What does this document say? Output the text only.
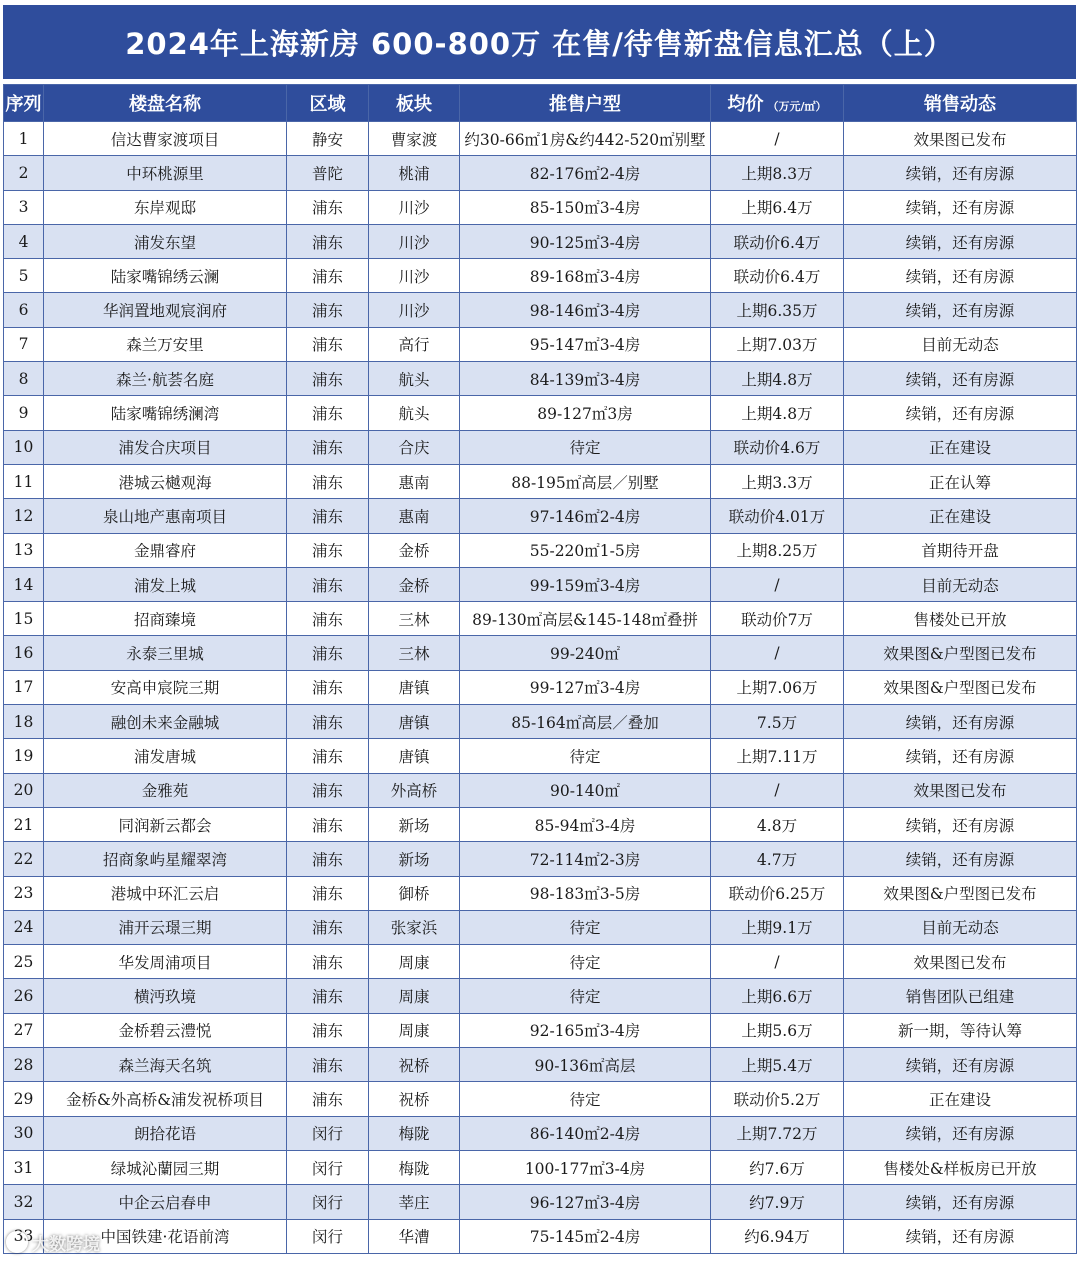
2024年上海新房 600-800万 在售/待售新盘信息汇总（上）
序列	楼盘名称	区域	板块	推售户型	均价 （万元/㎡）	销售动态
1	信达曹家渡项目	静安	曹家渡	约30-66㎡1房&约442-520㎡别墅	/	效果图已发布
2	中环桃源里	普陀	桃浦	82-176㎡2-4房	上期8.3万	续销，还有房源
3	东岸观邸	浦东	川沙	85-150㎡3-4房	上期6.4万	续销，还有房源
4	浦发东望	浦东	川沙	90-125㎡3-4房	联动价6.4万	续销，还有房源
5	陆家嘴锦绣云澜	浦东	川沙	89-168㎡3-4房	联动价6.4万	续销，还有房源
6	华润置地观宸润府	浦东	川沙	98-146㎡3-4房	上期6.35万	续销，还有房源
7	森兰万安里	浦东	高行	95-147㎡3-4房	上期7.03万	目前无动态
8	森兰·航荟名庭	浦东	航头	84-139㎡3-4房	上期4.8万	续销，还有房源
9	陆家嘴锦绣澜湾	浦东	航头	89-127㎡3房	上期4.8万	续销，还有房源
10	浦发合庆项目	浦东	合庆	待定	联动价4.6万	正在建设
11	港城云樾观海	浦东	惠南	88-195㎡高层／别墅	上期3.3万	正在认筹
12	泉山地产惠南项目	浦东	惠南	97-146㎡2-4房	联动价4.01万	正在建设
13	金鼎睿府	浦东	金桥	55-220㎡1-5房	上期8.25万	首期待开盘
14	浦发上城	浦东	金桥	99-159㎡3-4房	/	目前无动态
15	招商臻境	浦东	三林	89-130㎡高层&145-148㎡叠拼	联动价7万	售楼处已开放
16	永泰三里城	浦东	三林	99-240㎡	/	效果图&户型图已发布
17	安高申宸院三期	浦东	唐镇	99-127㎡3-4房	上期7.06万	效果图&户型图已发布
18	融创未来金融城	浦东	唐镇	85-164㎡高层／叠加	7.5万	续销，还有房源
19	浦发唐城	浦东	唐镇	待定	上期7.11万	续销，还有房源
20	金雅苑	浦东	外高桥	90-140㎡	/	效果图已发布
21	同润新云都会	浦东	新场	85-94㎡3-4房	4.8万	续销，还有房源
22	招商象屿星耀翠湾	浦东	新场	72-114㎡2-3房	4.7万	续销，还有房源
23	港城中环汇云启	浦东	御桥	98-183㎡3-5房	联动价6.25万	效果图&户型图已发布
24	浦开云璟三期	浦东	张家浜	待定	上期9.1万	目前无动态
25	华发周浦项目	浦东	周康	待定	/	效果图已发布
26	横沔玖境	浦东	周康	待定	上期6.6万	销售团队已组建
27	金桥碧云澧悦	浦东	周康	92-165㎡3-4房	上期5.6万	新一期，等待认筹
28	森兰海天名筑	浦东	祝桥	90-136㎡高层	上期5.4万	续销，还有房源
29	金桥&外高桥&浦发祝桥项目	浦东	祝桥	待定	联动价5.2万	正在建设
30	朗拾花语	闵行	梅陇	86-140㎡2-4房	上期7.72万	续销，还有房源
31	绿城沁蘭园三期	闵行	梅陇	100-177㎡3-4房	约7.6万	售楼处&样板房已开放
32	中企云启春申	闵行	莘庄	96-127㎡3-4房	约7.9万	续销，还有房源
33	中国铁建·花语前湾	闵行	华漕	75-145㎡2-4房	约6.94万	续销，还有房源
大数跨境
